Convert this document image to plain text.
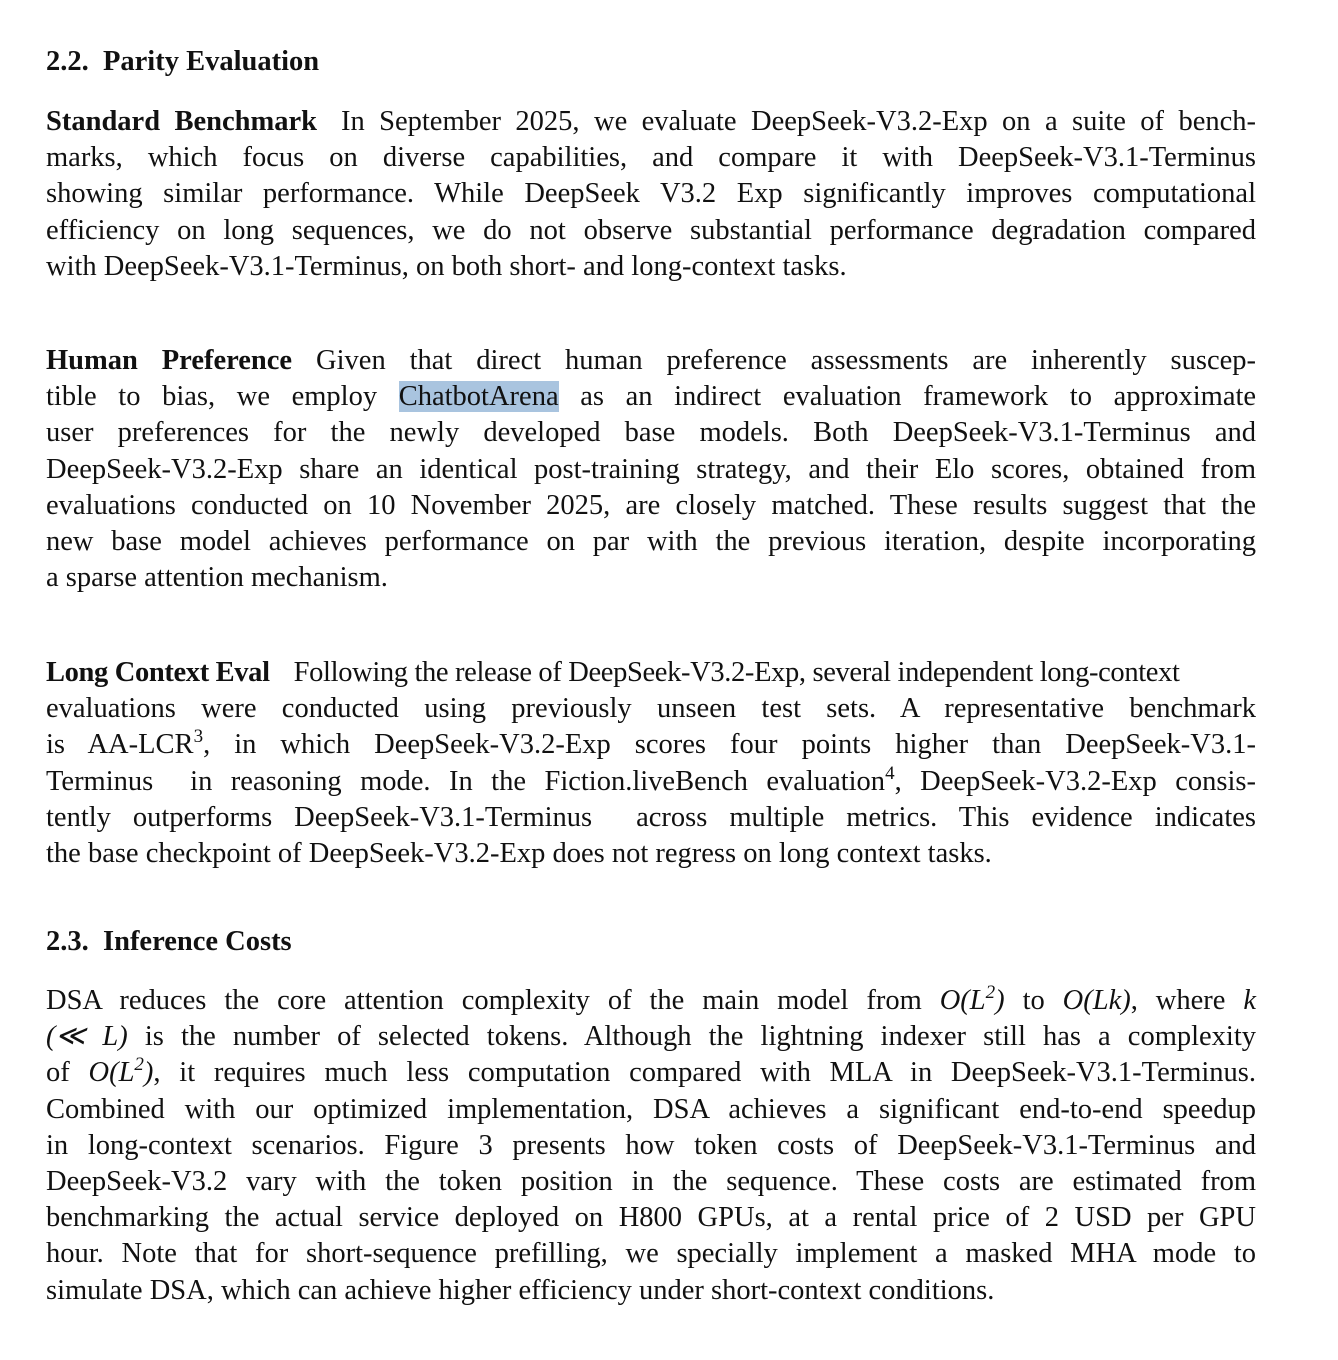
2.2. Parity Evaluation
Standard Benchmark In September 2025, we evaluate DeepSeek-V3.2-Exp on a suite of bench-
marks, which focus on diverse capabilities, and compare it with DeepSeek-V3.1-Terminus
showing similar performance. While DeepSeek V3.2 Exp significantly improves computational
efficiency on long sequences, we do not observe substantial performance degradation compared
with DeepSeek-V3.1-Terminus, on both short- and long-context tasks.
Human Preference Given that direct human preference assessments are inherently suscep-
tible to bias, we employ ChatbotArena as an indirect evaluation framework to approximate
user preferences for the newly developed base models. Both DeepSeek-V3.1-Terminus and
DeepSeek-V3.2-Exp share an identical post-training strategy, and their Elo scores, obtained from
evaluations conducted on 10 November 2025, are closely matched. These results suggest that the
new base model achieves performance on par with the previous iteration, despite incorporating
a sparse attention mechanism.
Long Context Eval Following the release of DeepSeek-V3.2-Exp, several independent long-context
evaluations were conducted using previously unseen test sets. A representative benchmark
is AA-LCR$^3$, in which DeepSeek-V3.2-Exp scores four points higher than DeepSeek-V3.1-
Terminus  in reasoning mode. In the Fiction.liveBench evaluation$^4$, DeepSeek-V3.2-Exp consis-
tently outperforms DeepSeek-V3.1-Terminus  across multiple metrics. This evidence indicates
the base checkpoint of DeepSeek-V3.2-Exp does not regress on long context tasks.
2.3. Inference Costs
DSA reduces the core attention complexity of the main model from $O(L^2)$ to O(Lk), where k
(≪ L) is the number of selected tokens. Although the lightning indexer still has a complexity
of $O(L^2)$, it requires much less computation compared with MLA in DeepSeek-V3.1-Terminus.
Combined with our optimized implementation, DSA achieves a significant end-to-end speedup
in long-context scenarios. Figure 3 presents how token costs of DeepSeek-V3.1-Terminus and
DeepSeek-V3.2 vary with the token position in the sequence. These costs are estimated from
benchmarking the actual service deployed on H800 GPUs, at a rental price of 2 USD per GPU
hour. Note that for short-sequence prefilling, we specially implement a masked MHA mode to
simulate DSA, which can achieve higher efficiency under short-context conditions.
